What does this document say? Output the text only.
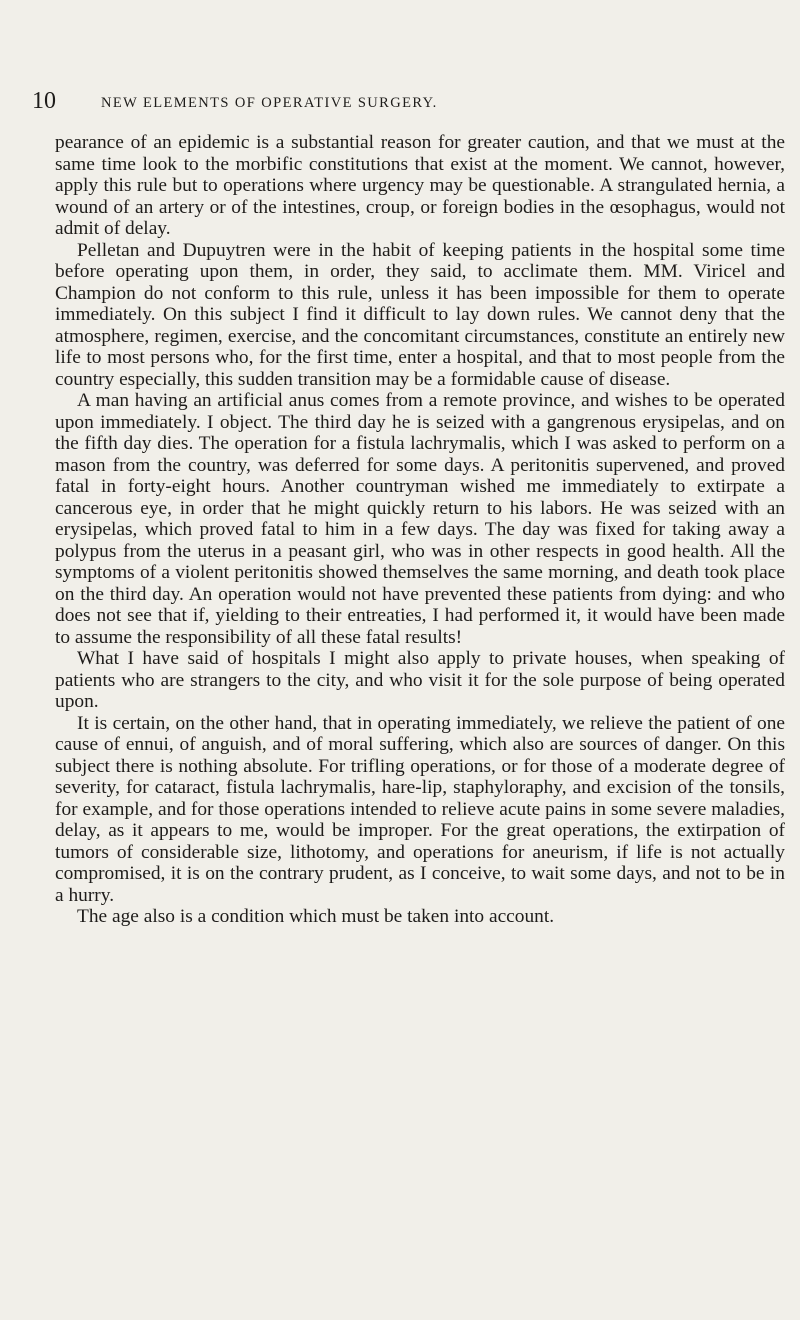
10	NEW ELEMENTS OF OPERATIVE SURGERY.

pearance of an epidemic is a substantial reason for greater caution, and that we must at the same time look to the morbific constitutions that exist at the moment. We cannot, however, apply this rule but to operations where urgency may be questionable. A strangulated hernia, a wound of an artery or of the intestines, croup, or foreign bodies in the œsophagus, would not admit of delay.

Pelletan and Dupuytren were in the habit of keeping patients in the hospital some time before operating upon them, in order, they said, to acclimate them. MM. Viricel and Champion do not conform to this rule, unless it has been impossible for them to operate immediately. On this subject I find it difficult to lay down rules. We cannot deny that the atmosphere, regimen, exercise, and the concomitant circumstances, constitute an entirely new life to most persons who, for the first time, enter a hospital, and that to most people from the country especially, this sudden transition may be a formidable cause of disease.

A man having an artificial anus comes from a remote province, and wishes to be operated upon immediately. I object. The third day he is seized with a gangrenous erysipelas, and on the fifth day dies. The operation for a fistula lachrymalis, which I was asked to perform on a mason from the country, was deferred for some days. A peritonitis supervened, and proved fatal in forty-eight hours. Another countryman wished me immediately to extirpate a cancerous eye, in order that he might quickly return to his labors. He was seized with an erysipelas, which proved fatal to him in a few days. The day was fixed for taking away a polypus from the uterus in a peasant girl, who was in other respects in good health. All the symptoms of a violent peritonitis showed themselves the same morning, and death took place on the third day. An operation would not have prevented these patients from dying: and who does not see that if, yielding to their entreaties, I had performed it, it would have been made to assume the responsibility of all these fatal results!

What I have said of hospitals I might also apply to private houses, when speaking of patients who are strangers to the city, and who visit it for the sole purpose of being operated upon.

It is certain, on the other hand, that in operating immediately, we relieve the patient of one cause of ennui, of anguish, and of moral suffering, which also are sources of danger. On this subject there is nothing absolute. For trifling operations, or for those of a moderate degree of severity, for cataract, fistula lachrymalis, hare-lip, staphyloraphy, and excision of the tonsils, for example, and for those operations intended to relieve acute pains in some severe maladies, delay, as it appears to me, would be improper. For the great operations, the extirpation of tumors of considerable size, lithotomy, and operations for aneurism, if life is not actually compromised, it is on the contrary prudent, as I conceive, to wait some days, and not to be in a hurry.

The age also is a condition which must be taken into account.
